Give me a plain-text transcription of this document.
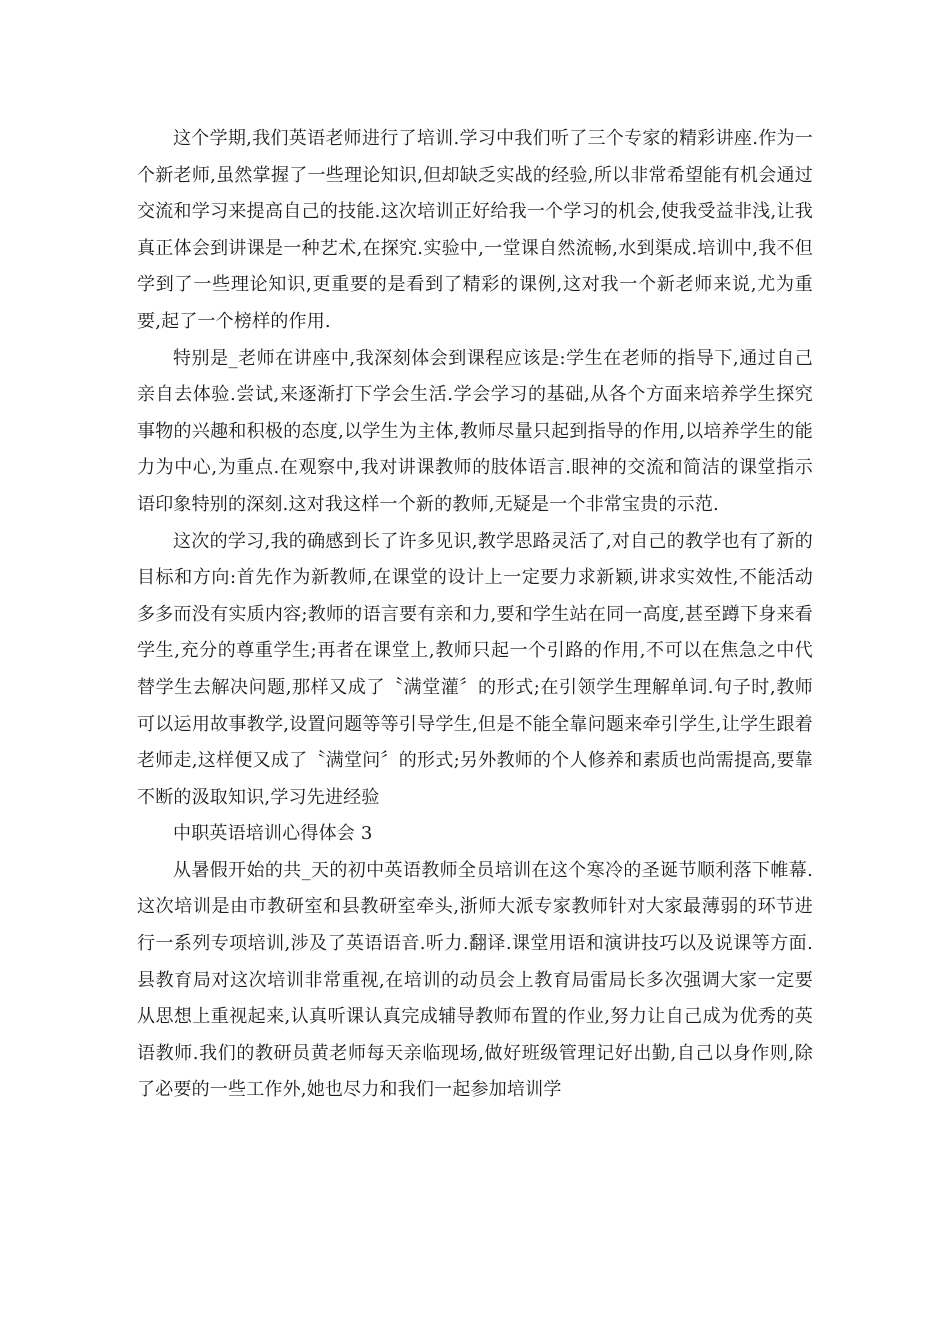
这个学期,我们英语老师进行了培训.学习中我们听了三个专家的精彩讲座.作为一个新老师,虽然掌握了一些理论知识,但却缺乏实战的经验,所以非常希望能有机会通过交流和学习来提高自己的技能.这次培训正好给我一个学习的机会,使我受益非浅,让我真正体会到讲课是一种艺术,在探究.实验中,一堂课自然流畅,水到渠成.培训中,我不但学到了一些理论知识,更重要的是看到了精彩的课例,这对我一个新老师来说,尤为重要,起了一个榜样的作用.

特别是_老师在讲座中,我深刻体会到课程应该是:学生在老师的指导下,通过自己亲自去体验.尝试,来逐渐打下学会生活.学会学习的基础,从各个方面来培养学生探究事物的兴趣和积极的态度,以学生为主体,教师尽量只起到指导的作用,以培养学生的能力为中心,为重点.在观察中,我对讲课教师的肢体语言.眼神的交流和简洁的课堂指示语印象特别的深刻.这对我这样一个新的教师,无疑是一个非常宝贵的示范.

这次的学习,我的确感到长了许多见识,教学思路灵活了,对自己的教学也有了新的目标和方向:首先作为新教师,在课堂的设计上一定要力求新颖,讲求实效性,不能活动多多而没有实质内容;教师的语言要有亲和力,要和学生站在同一高度,甚至蹲下身来看学生,充分的尊重学生;再者在课堂上,教师只起一个引路的作用,不可以在焦急之中代替学生去解决问题,那样又成了〝满堂灌〞的形式;在引领学生理解单词.句子时,教师可以运用故事教学,设置问题等等引导学生,但是不能全靠问题来牵引学生,让学生跟着老师走,这样便又成了〝满堂问〞的形式;另外教师的个人修养和素质也尚需提高,要靠不断的汲取知识,学习先进经验

中职英语培训心得体会 3

从暑假开始的共_天的初中英语教师全员培训在这个寒冷的圣诞节顺利落下帷幕.这次培训是由市教研室和县教研室牵头,浙师大派专家教师针对大家最薄弱的环节进行一系列专项培训,涉及了英语语音.听力.翻译.课堂用语和演讲技巧以及说课等方面.县教育局对这次培训非常重视,在培训的动员会上教育局雷局长多次强调大家一定要从思想上重视起来,认真听课认真完成辅导教师布置的作业,努力让自己成为优秀的英语教师.我们的教研员黄老师每天亲临现场,做好班级管理记好出勤,自己以身作则,除了必要的一些工作外,她也尽力和我们一起参加培训学
